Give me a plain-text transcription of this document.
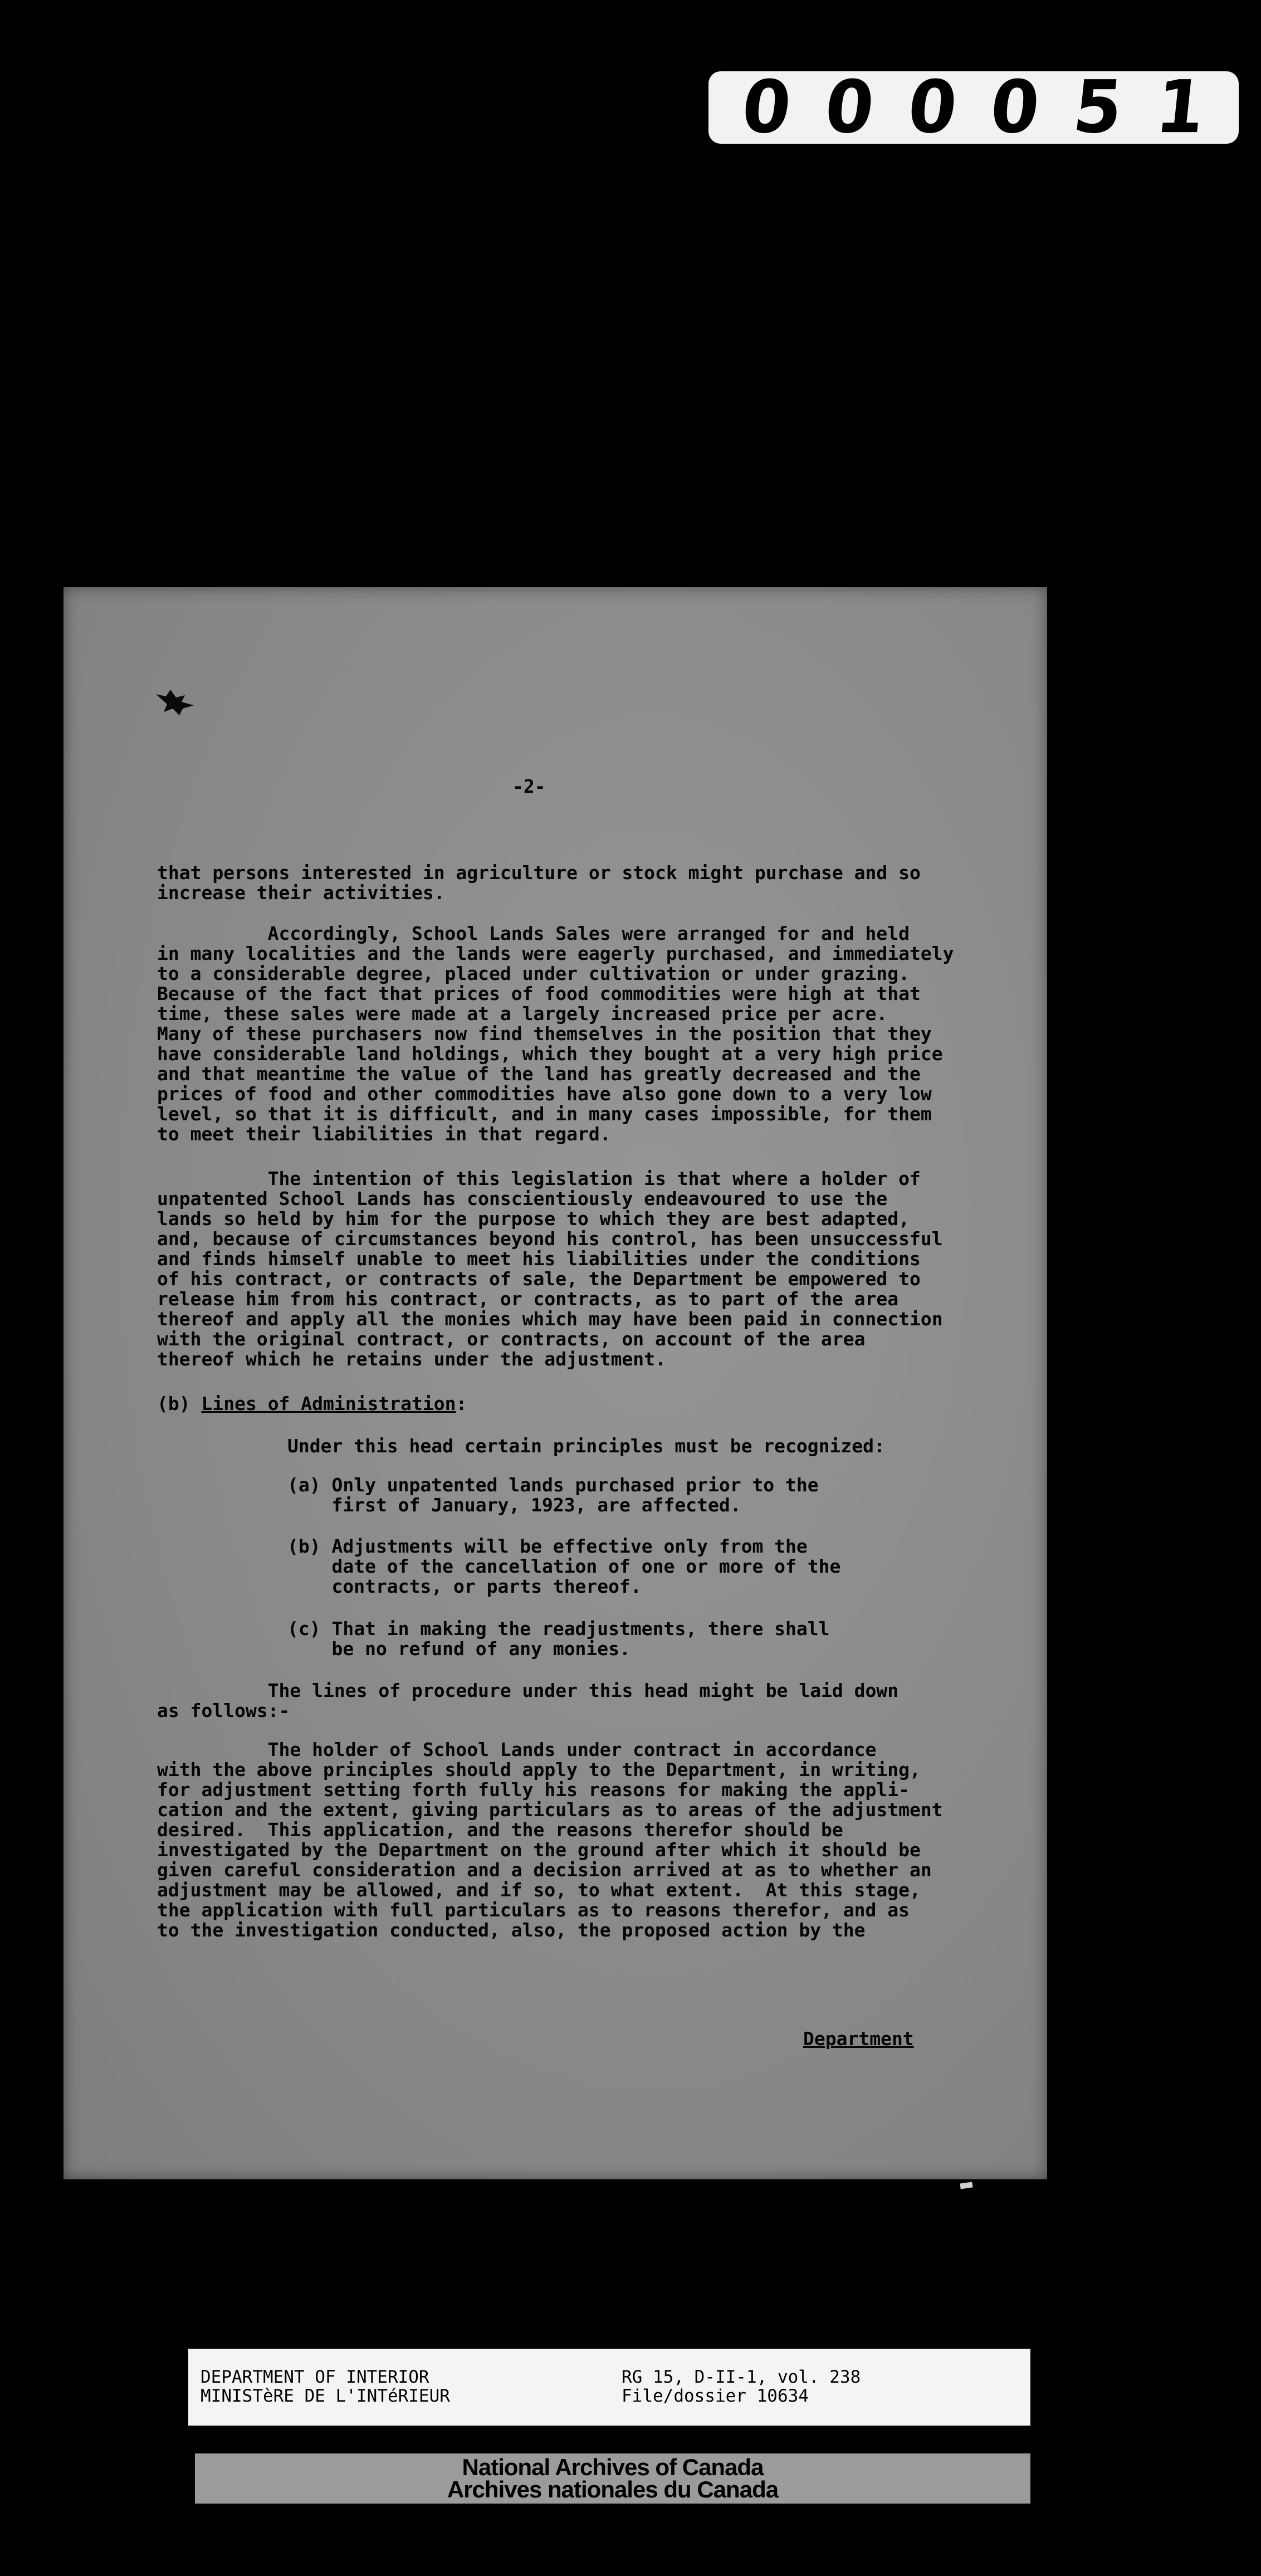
0 0 0 0 5 1
-2-
that persons interested in agriculture or stock might purchase and so
increase their activities.
Accordingly, School Lands Sales were arranged for and held
in many localities and the lands were eagerly purchased, and immediately
to a considerable degree, placed under cultivation or under grazing.
Because of the fact that prices of food commodities were high at that
time, these sales were made at a largely increased price per acre.
Many of these purchasers now find themselves in the position that they
have considerable land holdings, which they bought at a very high price
and that meantime the value of the land has greatly decreased and the
prices of food and other commodities have also gone down to a very low
level, so that it is difficult, and in many cases impossible, for them
to meet their liabilities in that regard.
The intention of this legislation is that where a holder of
unpatented School Lands has conscientiously endeavoured to use the
lands so held by him for the purpose to which they are best adapted,
and, because of circumstances beyond his control, has been unsuccessful
and finds himself unable to meet his liabilities under the conditions
of his contract, or contracts of sale, the Department be empowered to
release him from his contract, or contracts, as to part of the area
thereof and apply all the monies which may have been paid in connection
with the original contract, or contracts, on account of the area
thereof which he retains under the adjustment.
(b) Lines of Administration:
Under this head certain principles must be recognized:
(a) Only unpatented lands purchased prior to the
first of January, 1923, are affected.
(b) Adjustments will be effective only from the
date of the cancellation of one or more of the
contracts, or parts thereof.
(c) That in making the readjustments, there shall
be no refund of any monies.
The lines of procedure under this head might be laid down
as follows:-
The holder of School Lands under contract in accordance
with the above principles should apply to the Department, in writing,
for adjustment setting forth fully his reasons for making the appli-
cation and the extent, giving particulars as to areas of the adjustment
desired.  This application, and the reasons therefor should be
investigated by the Department on the ground after which it should be
given careful consideration and a decision arrived at as to whether an
adjustment may be allowed, and if so, to what extent.  At this stage,
the application with full particulars as to reasons therefor, and as
to the investigation conducted, also, the proposed action by the
Department
DEPARTMENT OF INTERIOR
MINISTèRE DE L'INTéRIEUR
RG 15, D-II-1, vol. 238
File/dossier 10634
National Archives of Canada
Archives nationales du Canada
